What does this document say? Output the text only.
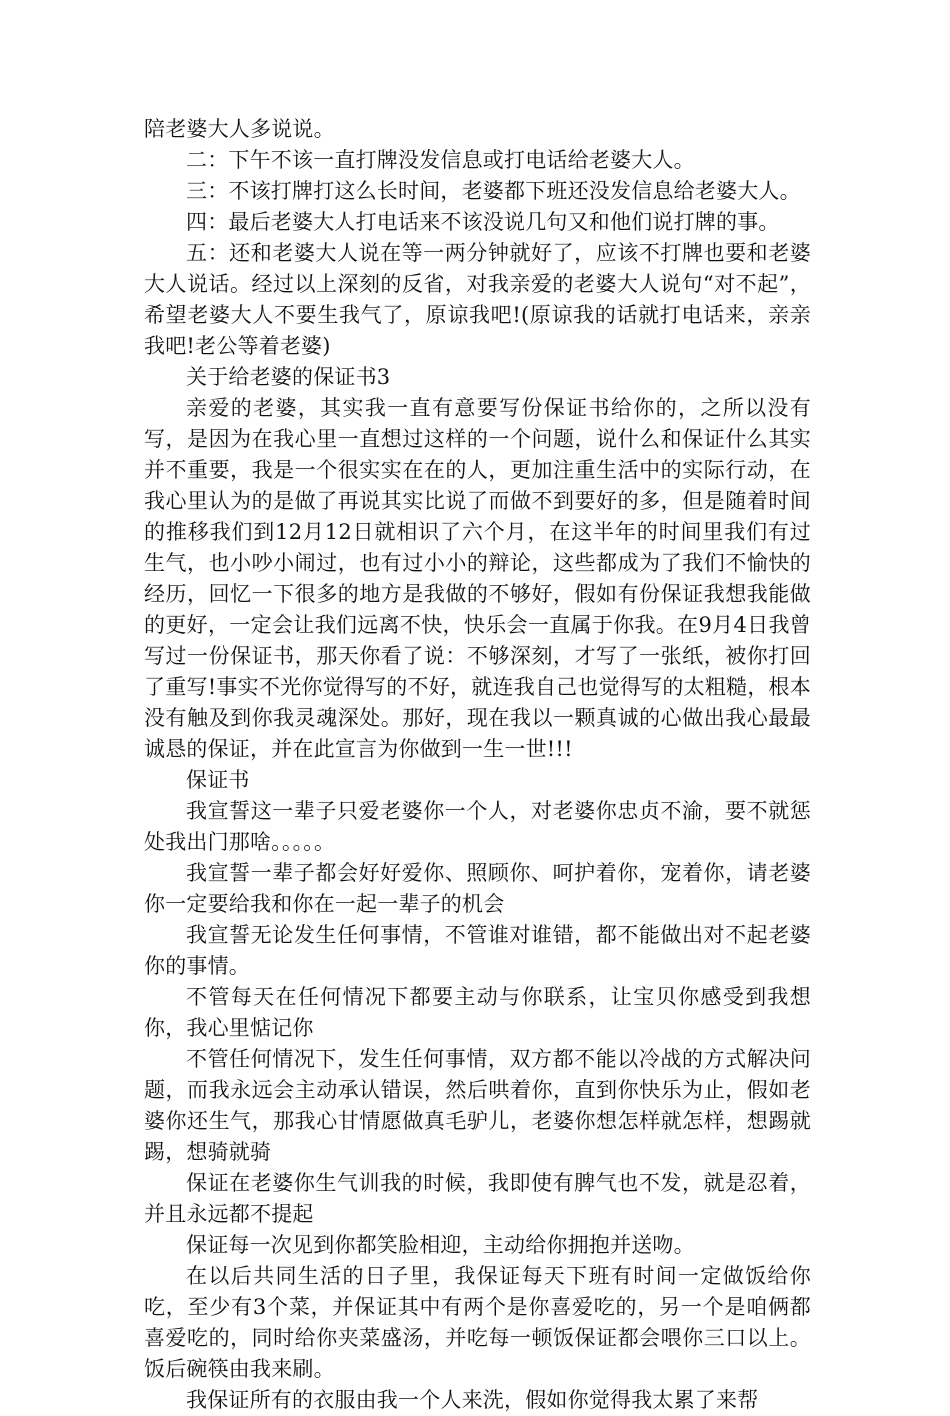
陪老婆大人多说说。

二：下午不该一直打牌没发信息或打电话给老婆大人。

三：不该打牌打这么长时间，老婆都下班还没发信息给老婆大人。

四：最后老婆大人打电话来不该没说几句又和他们说打牌的事。

五：还和老婆大人说在等一两分钟就好了，应该不打牌也要和老婆大人说话。经过以上深刻的反省，对我亲爱的老婆大人说句“对不起”，希望老婆大人不要生我气了，原谅我吧!(原谅我的话就打电话来，亲亲我吧!老公等着老婆)

关于给老婆的保证书3

亲爱的老婆，其实我一直有意要写份保证书给你的，之所以没有写，是因为在我心里一直想过这样的一个问题，说什么和保证什么其实并不重要，我是一个很实实在在的人，更加注重生活中的实际行动，在我心里认为的是做了再说其实比说了而做不到要好的多，但是随着时间的推移我们到12月12日就相识了六个月，在这半年的时间里我们有过生气，也小吵小闹过，也有过小小的辩论，这些都成为了我们不愉快的经历，回忆一下很多的地方是我做的不够好，假如有份保证我想我能做的更好，一定会让我们远离不快，快乐会一直属于你我。在9月4日我曾写过一份保证书，那天你看了说：不够深刻，才写了一张纸，被你打回了重写!事实不光你觉得写的不好，就连我自己也觉得写的太粗糙，根本没有触及到你我灵魂深处。那好，现在我以一颗真诚的心做出我心最最诚恳的保证，并在此宣言为你做到一生一世!!!

保证书

我宣誓这一辈子只爱老婆你一个人，对老婆你忠贞不渝，要不就惩处我出门那啥。。。。。

我宣誓一辈子都会好好爱你、照顾你、呵护着你，宠着你，请老婆你一定要给我和你在一起一辈子的机会

我宣誓无论发生任何事情，不管谁对谁错，都不能做出对不起老婆你的事情。

不管每天在任何情况下都要主动与你联系，让宝贝你感受到我想你，我心里惦记你

不管任何情况下，发生任何事情，双方都不能以冷战的方式解决问题，而我永远会主动承认错误，然后哄着你，直到你快乐为止，假如老婆你还生气，那我心甘情愿做真毛驴儿，老婆你想怎样就怎样，想踢就踢，想骑就骑

保证在老婆你生气训我的时候，我即使有脾气也不发，就是忍着，并且永远都不提起

保证每一次见到你都笑脸相迎，主动给你拥抱并送吻。

在以后共同生活的日子里，我保证每天下班有时间一定做饭给你吃，至少有3个菜，并保证其中有两个是你喜爱吃的，另一个是咱俩都喜爱吃的，同时给你夹菜盛汤，并吃每一顿饭保证都会喂你三口以上。饭后碗筷由我来刷。

我保证所有的衣服由我一个人来洗，假如你觉得我太累了来帮
